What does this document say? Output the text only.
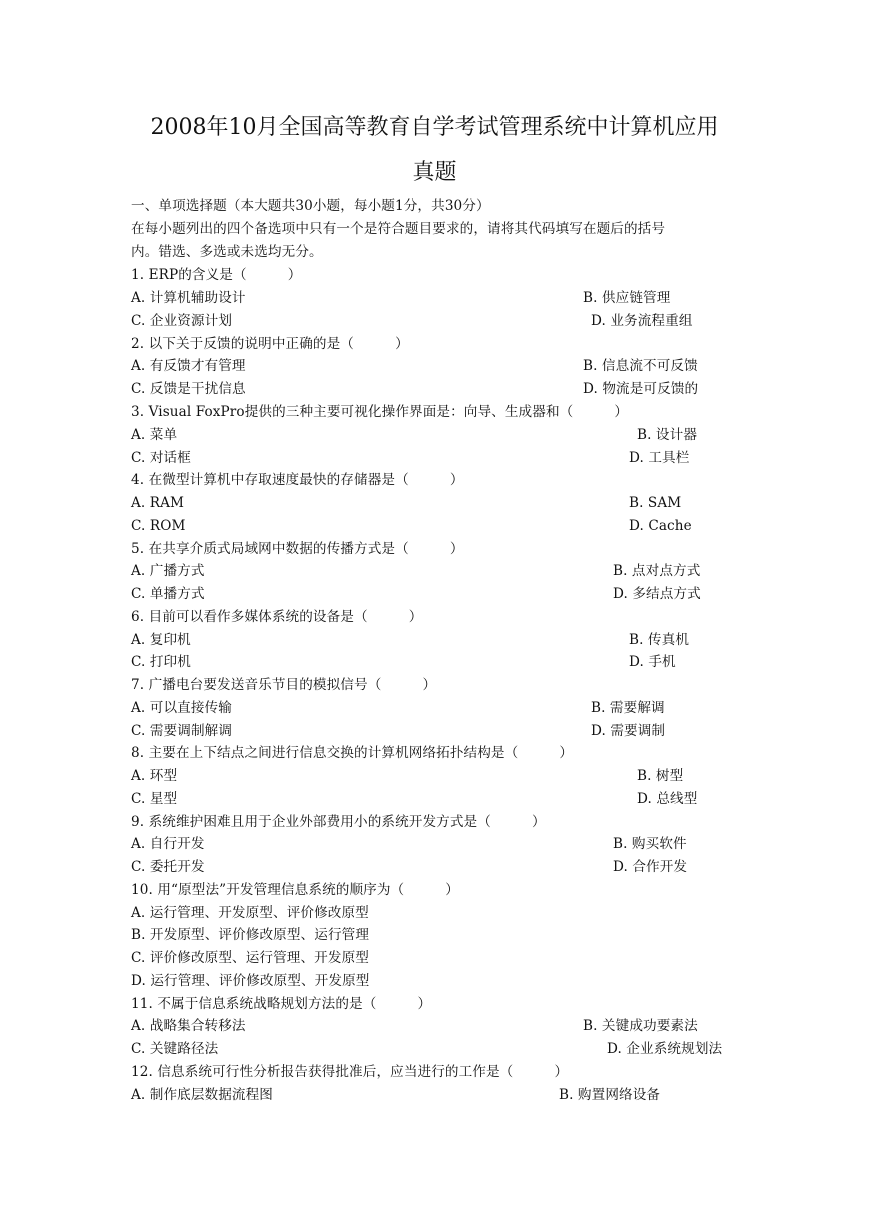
2008年10月全国高等教育自学考试管理系统中计算机应用
真题
一、单项选择题（本大题共30小题，每小题1分，共30分）
在每小题列出的四个备选项中只有一个是符合题目要求的，请将其代码填写在题后的括号
内。错选、多选或未选均无分。
1. ERP的含义是（　　　）
A. 计算机辅助设计	B. 供应链管理
C. 企业资源计划	D. 业务流程重组
2. 以下关于反馈的说明中正确的是（　　　）
A. 有反馈才有管理	B. 信息流不可反馈
C. 反馈是干扰信息	D. 物流是可反馈的
3. Visual FoxPro提供的三种主要可视化操作界面是：向导、生成器和（　　　）
A. 菜单	B. 设计器
C. 对话框	D. 工具栏
4. 在微型计算机中存取速度最快的存储器是（　　　）
A. RAM	B. SAM
C. ROM	D. Cache
5. 在共享介质式局域网中数据的传播方式是（　　　）
A. 广播方式	B. 点对点方式
C. 单播方式	D. 多结点方式
6. 目前可以看作多媒体系统的设备是（　　　）
A. 复印机	B. 传真机
C. 打印机	D. 手机
7. 广播电台要发送音乐节目的模拟信号（　　　）
A. 可以直接传输	B. 需要解调
C. 需要调制解调	D. 需要调制
8. 主要在上下结点之间进行信息交换的计算机网络拓扑结构是（　　　）
A. 环型	B. 树型
C. 星型	D. 总线型
9. 系统维护困难且用于企业外部费用小的系统开发方式是（　　　）
A. 自行开发	B. 购买软件
C. 委托开发	D. 合作开发
10. 用“原型法”开发管理信息系统的顺序为（　　　）
A. 运行管理、开发原型、评价修改原型
B. 开发原型、评价修改原型、运行管理
C. 评价修改原型、运行管理、开发原型
D. 运行管理、评价修改原型、开发原型
11. 不属于信息系统战略规划方法的是（　　　）
A. 战略集合转移法	B. 关键成功要素法
C. 关键路径法	D. 企业系统规划法
12. 信息系统可行性分析报告获得批准后，应当进行的工作是（　　　）
A. 制作底层数据流程图	B. 购置网络设备
